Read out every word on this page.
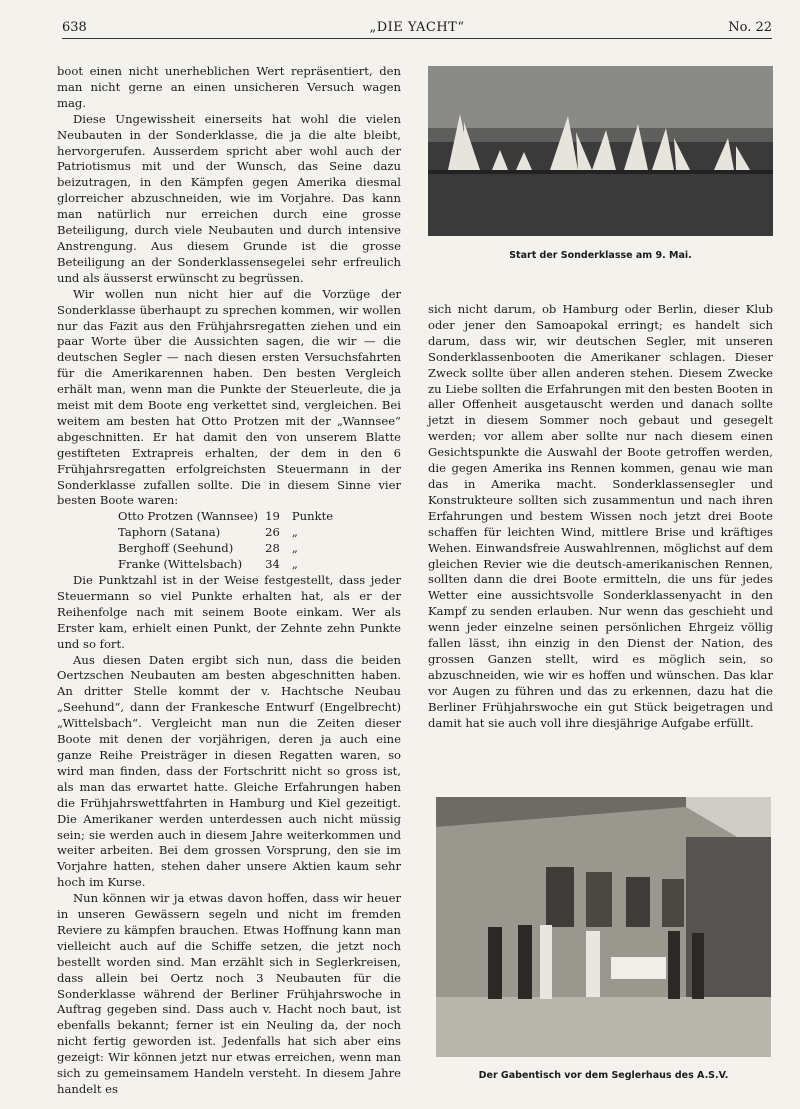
638	„DIE YACHT“	No. 22

boot einen nicht unerheblichen Wert repräsentiert, den man nicht gerne an einen unsicheren Versuch wagen mag.

Diese Ungewissheit einerseits hat wohl die vielen Neubauten in der Sonderklasse, die ja die alte bleibt, hervorgerufen. Ausserdem spricht aber wohl auch der Patriotismus mit und der Wunsch, das Seine dazu beizutragen, in den Kämpfen gegen Amerika diesmal glorreicher abzuschneiden, wie im Vorjahre. Das kann man natürlich nur erreichen durch eine grosse Beteiligung, durch viele Neubauten und durch intensive Anstrengung. Aus diesem Grunde ist die grosse Beteiligung an der Sonderklassensegelei sehr erfreulich und als äusserst erwünscht zu begrüssen.

Wir wollen nun nicht hier auf die Vorzüge der Sonderklasse überhaupt zu sprechen kommen, wir wollen nur das Fazit aus den Frühjahrsregatten ziehen und ein paar Worte über die Aussichten sagen, die wir — die deutschen Segler — nach diesen ersten Versuchsfahrten für die Amerikarennen haben. Den besten Vergleich erhält man, wenn man die Punkte der Steuerleute, die ja meist mit dem Boote eng verkettet sind, vergleichen. Bei weitem am besten hat Otto Protzen mit der „Wannsee“ abgeschnitten. Er hat damit den von unserem Blatte gestifteten Extrapreis erhalten, der dem in den 6 Frühjahrsregatten erfolgreichsten Steuermann in der Sonderklasse zufallen sollte. Die in diesem Sinne vier besten Boote waren:

Otto Protzen (Wannsee)	19	Punkte
Taphorn (Satana)	26	„
Berghoff (Seehund)	28	„
Franke (Wittelsbach)	34	„

Die Punktzahl ist in der Weise festgestellt, dass jeder Steuermann so viel Punkte erhalten hat, als er der Reihenfolge nach mit seinem Boote einkam. Wer als Erster kam, erhielt einen Punkt, der Zehnte zehn Punkte und so fort.

Aus diesen Daten ergibt sich nun, dass die beiden Oertzschen Neubauten am besten abgeschnitten haben. An dritter Stelle kommt der v. Hachtsche Neubau „Seehund“, dann der Frankesche Entwurf (Engelbrecht) „Wittelsbach“. Vergleicht man nun die Zeiten dieser Boote mit denen der vorjährigen, deren ja auch eine ganze Reihe Preisträger in diesen Regatten waren, so wird man finden, dass der Fortschritt nicht so gross ist, als man das erwartet hatte. Gleiche Erfahrungen haben die Frühjahrswettfahrten in Hamburg und Kiel gezeitigt. Die Amerikaner werden unterdessen auch nicht müssig sein; sie werden auch in diesem Jahre weiterkommen und weiter arbeiten. Bei dem grossen Vorsprung, den sie im Vorjahre hatten, stehen daher unsere Aktien kaum sehr hoch im Kurse.

Nun können wir ja etwas davon hoffen, dass wir heuer in unseren Gewässern segeln und nicht im fremden Reviere zu kämpfen brauchen. Etwas Hoffnung kann man vielleicht auch auf die Schiffe setzen, die jetzt noch bestellt worden sind. Man erzählt sich in Seglerkreisen, dass allein bei Oertz noch 3 Neubauten für die Sonderklasse während der Berliner Frühjahrswoche in Auftrag gegeben sind. Dass auch v. Hacht noch baut, ist ebenfalls bekannt; ferner ist ein Neuling da, der noch nicht fertig geworden ist. Jedenfalls hat sich aber eins gezeigt: Wir können jetzt nur etwas erreichen, wenn man sich zu gemeinsamem Handeln versteht. In diesem Jahre handelt es

Start der Sonderklasse am 9. Mai.

sich nicht darum, ob Hamburg oder Berlin, dieser Klub oder jener den Samoapokal erringt; es handelt sich darum, dass wir, wir deutschen Segler, mit unseren Sonderklassenbooten die Amerikaner schlagen. Dieser Zweck sollte über allen anderen stehen. Diesem Zwecke zu Liebe sollten die Erfahrungen mit den besten Booten in aller Offenheit ausgetauscht werden und danach sollte jetzt in diesem Sommer noch gebaut und gesegelt werden; vor allem aber sollte nur nach diesem einen Gesichtspunkte die Auswahl der Boote getroffen werden, die gegen Amerika ins Rennen kommen, genau wie man das in Amerika macht. Sonderklassensegler und Konstrukteure sollten sich zusammentun und nach ihren Erfahrungen und bestem Wissen noch jetzt drei Boote schaffen für leichten Wind, mittlere Brise und kräftiges Wehen. Einwandsfreie Auswahlrennen, möglichst auf dem gleichen Revier wie die deutsch-amerikanischen Rennen, sollten dann die drei Boote ermitteln, die uns für jedes Wetter eine aussichtsvolle Sonderklassenyacht in den Kampf zu senden erlauben. Nur wenn das geschieht und wenn jeder einzelne seinen persönlichen Ehrgeiz völlig fallen lässt, ihn einzig in den Dienst der Nation, des grossen Ganzen stellt, wird es möglich sein, so abzuschneiden, wie wir es hoffen und wünschen. Das klar vor Augen zu führen und das zu erkennen, dazu hat die Berliner Frühjahrswoche ein gut Stück beigetragen und damit hat sie auch voll ihre diesjährige Aufgabe erfüllt.

Der Gabentisch vor dem Seglerhaus des A.S.V.
